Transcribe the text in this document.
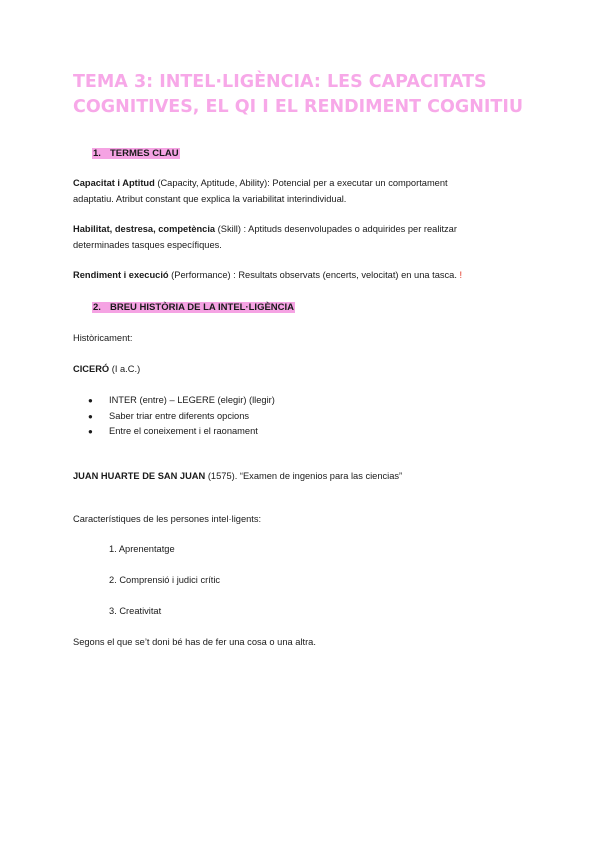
TEMA 3: INTEL·LIGÈNCIA: LES CAPACITATS
COGNITIVES, EL QI I EL RENDIMENT COGNITIU
1. TERMES CLAU

Capacitat i Aptitud (Capacity, Aptitude, Ability): Potencial per a executar un comportament
adaptatiu. Atribut constant que explica la variabilitat interindividual.

Habilitat, destresa, competència (Skill) : Aptituds desenvolupades o adquirides per realitzar
determinades tasques específiques.

Rendiment i execució (Performance) : Resultats observats (encerts, velocitat) en una tasca. !

2. BREU HISTÒRIA DE LA INTEL·LIGÈNCIA
Històricament:
CICERÓ (I a.C.)
● INTER (entre) – LEGERE (elegir) (llegir)
● Saber triar entre diferents opcions
● Entre el coneixement i el raonament
JUAN HUARTE DE SAN JUAN (1575). “Examen de ingenios para las ciencias”
Característiques de les persones intel·ligents:
1. Aprenentatge
2. Comprensió i judici crític
3. Creativitat
Segons el que se’t doni bé has de fer una cosa o una altra.
